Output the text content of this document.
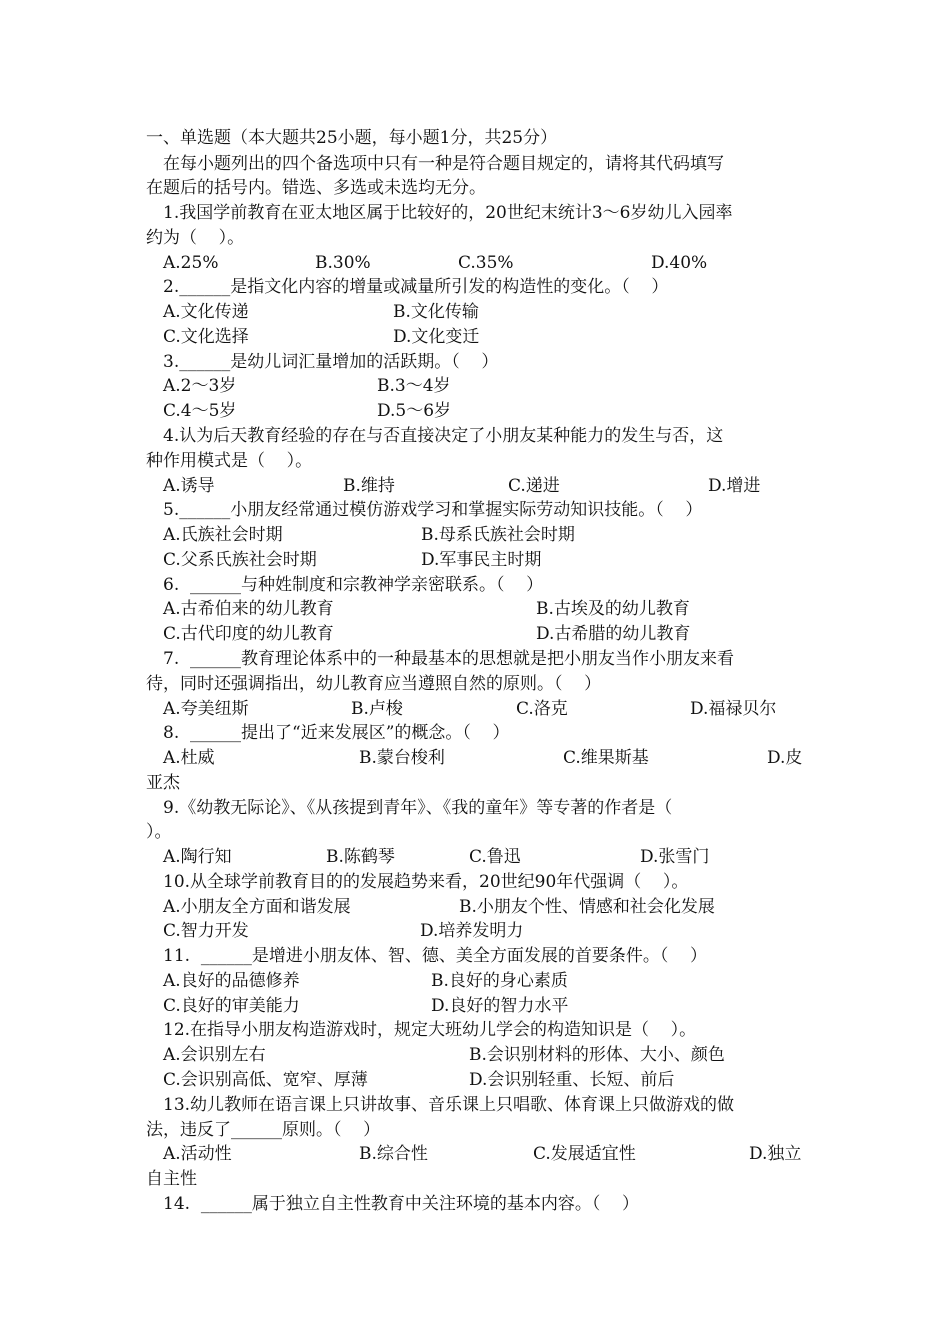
一、单选题（本大题共25小题，每小题1分，共25分）
在每小题列出的四个备选项中只有一种是符合题目规定的，请将其代码填写
在题后的括号内。错选、多选或未选均无分。
1.我国学前教育在亚太地区属于比较好的，20世纪末统计3～6岁幼儿入园率
约为（    ）。
A.25%	B.30%	C.35%	D.40%
2.______是指文化内容的增量或减量所引发的构造性的变化。（    ）
A.文化传递	B.文化传输
C.文化选择	D.文化变迁
3.______是幼儿词汇量增加的活跃期。（    ）
A.2～3岁	B.3～4岁
C.4～5岁	D.5～6岁
4.认为后天教育经验的存在与否直接决定了小朋友某种能力的发生与否，这
种作用模式是（    ）。
A.诱导	B.维持	C.递进	D.增进
5.______小朋友经常通过模仿游戏学习和掌握实际劳动知识技能。（    ）
A.氏族社会时期	B.母系氏族社会时期
C.父系氏族社会时期	D.军事民主时期
6.  ______与种姓制度和宗教神学亲密联系。（    ）
A.古希伯来的幼儿教育	B.古埃及的幼儿教育
C.古代印度的幼儿教育	D.古希腊的幼儿教育
7.  ______教育理论体系中的一种最基本的思想就是把小朋友当作小朋友来看
待，同时还强调指出，幼儿教育应当遵照自然的原则。（    ）
A.夸美纽斯	B.卢梭	C.洛克	D.福禄贝尔
8.  ______提出了“近来发展区”的概念。（    ）
A.杜威	B.蒙台梭利	C.维果斯基	D.皮
亚杰
9.《幼教无际论》、《从孩提到青年》、《我的童年》等专著的作者是（
）。
A.陶行知	B.陈鹤琴	C.鲁迅	D.张雪门
10.从全球学前教育目的的发展趋势来看，20世纪90年代强调（    ）。
A.小朋友全方面和谐发展	B.小朋友个性、情感和社会化发展
C.智力开发	D.培养发明力
11.  ______是增进小朋友体、智、德、美全方面发展的首要条件。（    ）
A.良好的品德修养	B.良好的身心素质
C.良好的审美能力	D.良好的智力水平
12.在指导小朋友构造游戏时，规定大班幼儿学会的构造知识是（    ）。
A.会识别左右	B.会识别材料的形体、大小、颜色
C.会识别高低、宽窄、厚薄	D.会识别轻重、长短、前后
13.幼儿教师在语言课上只讲故事、音乐课上只唱歌、体育课上只做游戏的做
法，违反了______原则。（    ）
A.活动性	B.综合性	C.发展适宜性	D.独立
自主性
14.  ______属于独立自主性教育中关注环境的基本内容。（    ）
